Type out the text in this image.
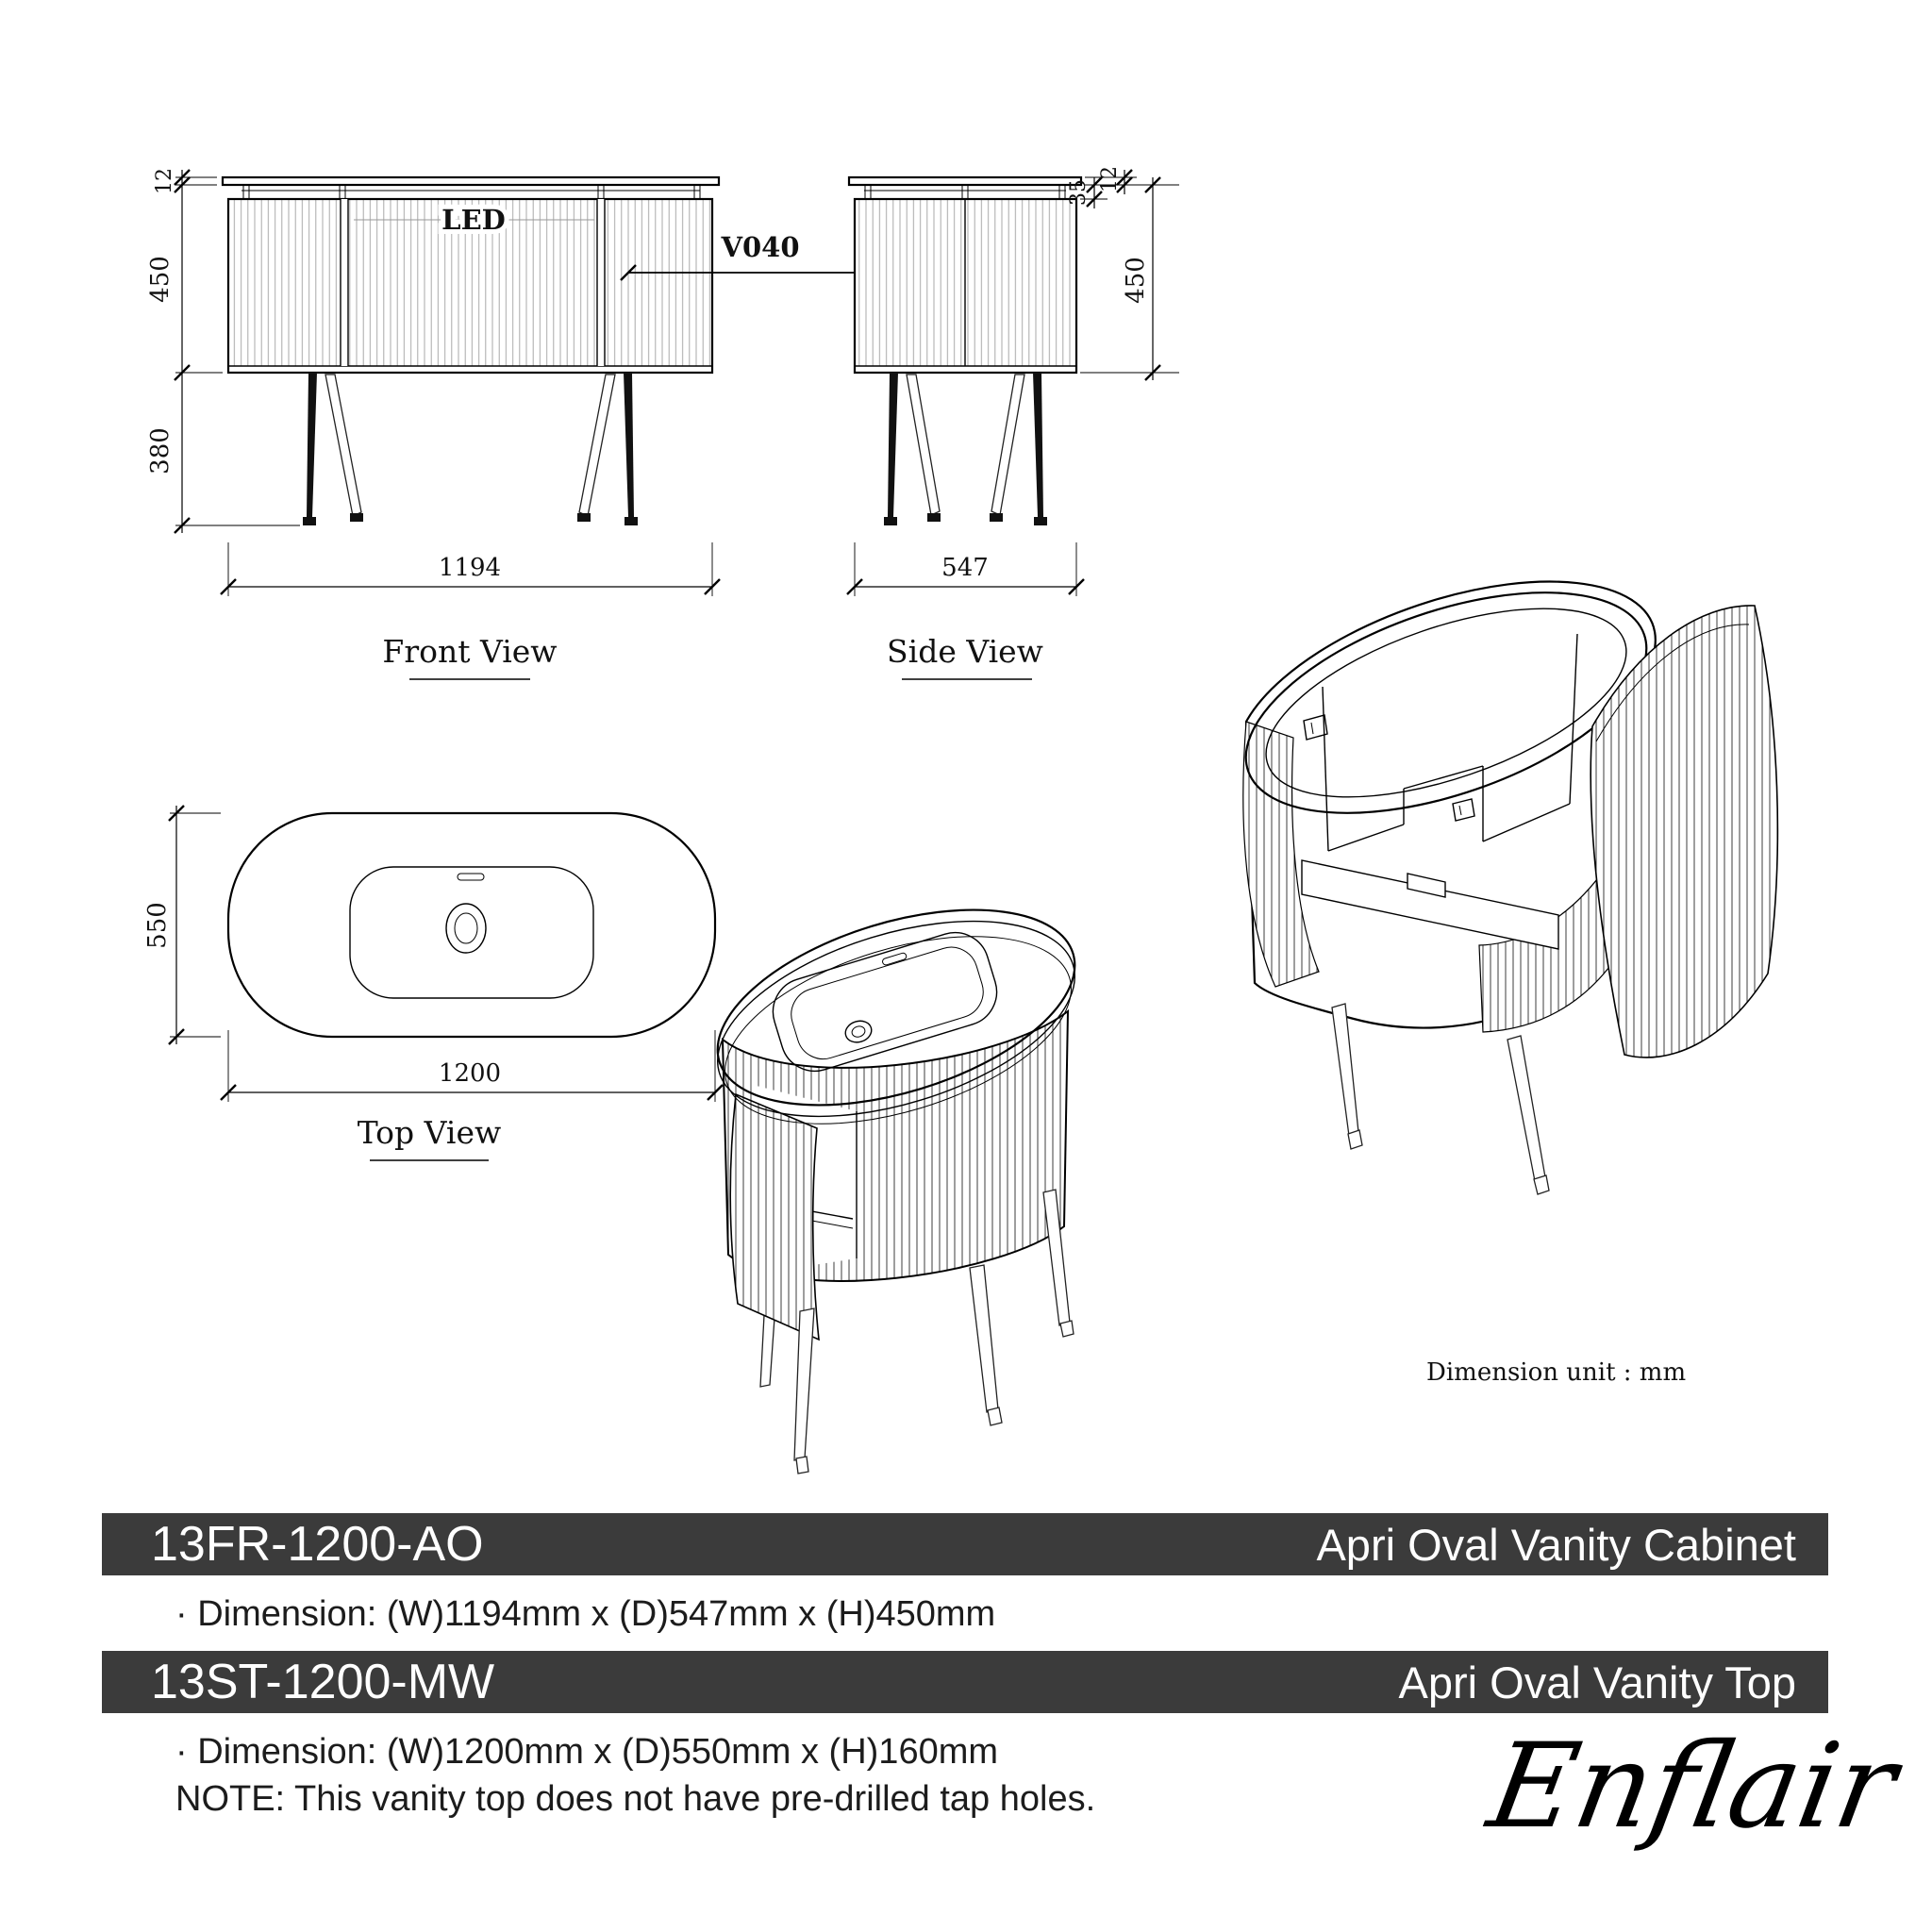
LED
12
450
380
1194
Front View
V040
35 12
450
547
Side View
550
1200
Top View
Dimension unit : mm
13FR-1200-AO	Apri Oval Vanity Cabinet
· Dimension: (W)1194mm x (D)547mm x (H)450mm
13ST-1200-MW	Apri Oval Vanity Top
· Dimension: (W)1200mm x (D)550mm x (H)160mm
NOTE: This vanity top does not have pre-drilled tap holes.	Enflair
